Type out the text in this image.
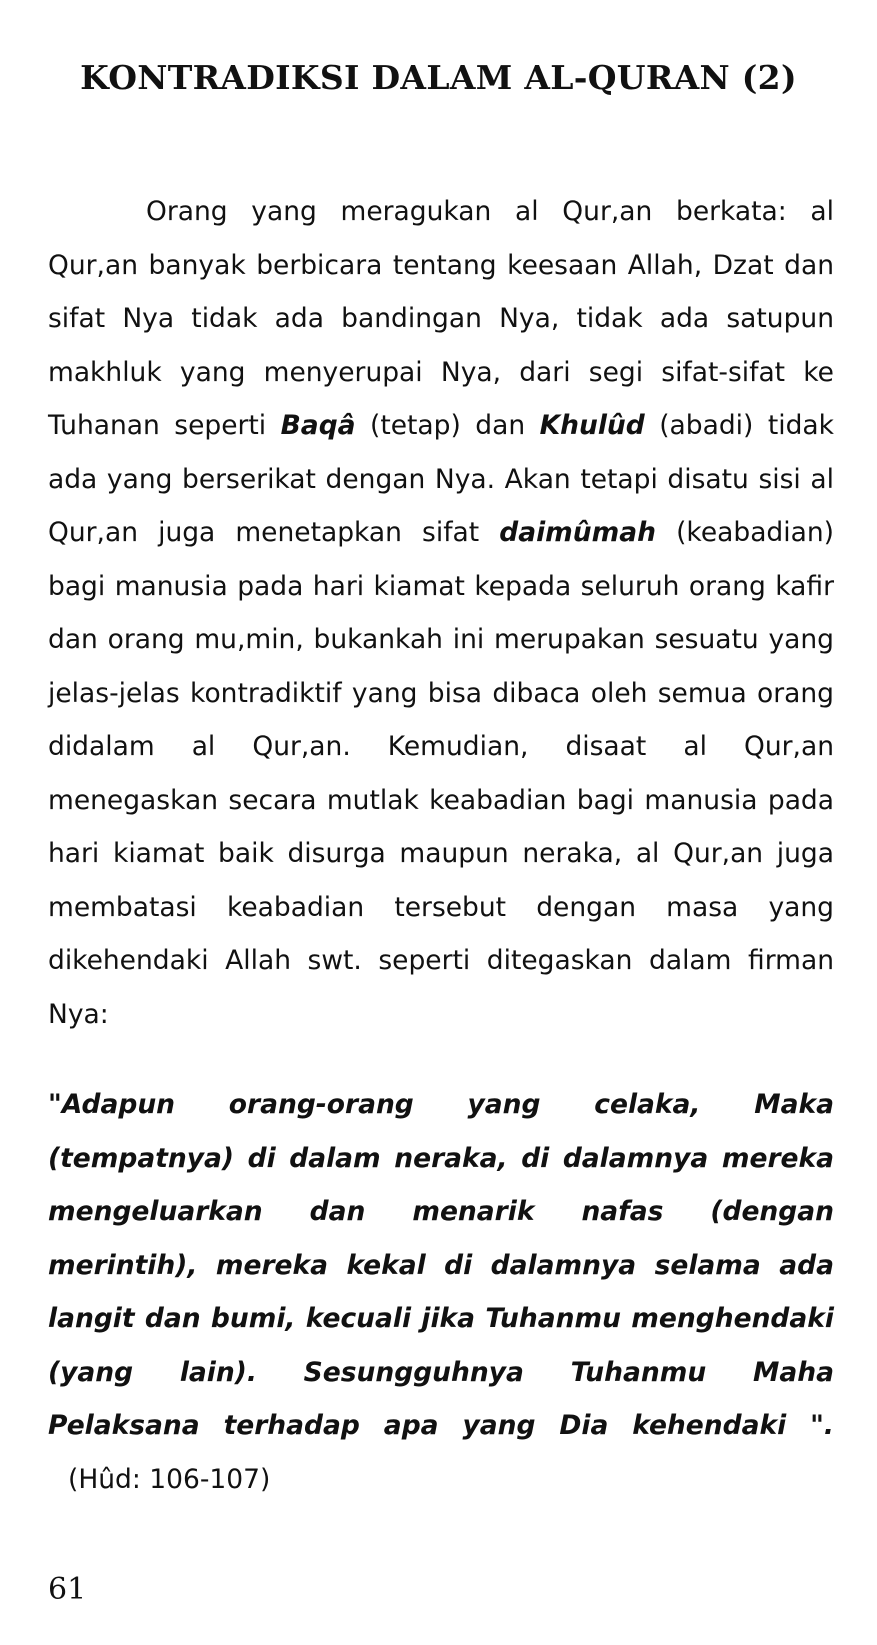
KONTRADIKSI DALAM AL-QURAN (2)

Orang yang meragukan al Qur,an berkata: al Qur,an banyak berbicara tentang keesaan Allah, Dzat dan sifat Nya tidak ada bandingan Nya, tidak ada satupun makhluk yang menyerupai Nya, dari segi sifat-sifat ke Tuhanan seperti Baqâ (tetap) dan Khulûd (abadi) tidak ada yang berserikat dengan Nya. Akan tetapi disatu sisi al Qur,an juga menetapkan sifat daimûmah (keabadian) bagi manusia pada hari kiamat kepada seluruh orang kafir dan orang mu,min, bukankah ini merupakan sesuatu yang jelas-jelas kontradiktif yang bisa dibaca oleh semua orang didalam al Qur,an. Kemudian, disaat al Qur,an menegaskan secara mutlak keabadian bagi manusia pada hari kiamat baik disurga maupun neraka, al Qur,an juga membatasi keabadian tersebut dengan masa yang dikehendaki Allah swt. seperti ditegaskan dalam firman Nya:

"Adapun orang-orang yang celaka, Maka (tempatnya) di dalam neraka, di dalamnya mereka mengeluarkan dan menarik nafas (dengan merintih), mereka kekal di dalamnya selama ada langit dan bumi, kecuali jika Tuhanmu menghendaki (yang lain). Sesungguhnya Tuhanmu Maha Pelaksana terhadap apa yang Dia kehendaki ".(Hûd: 106-107)

61
